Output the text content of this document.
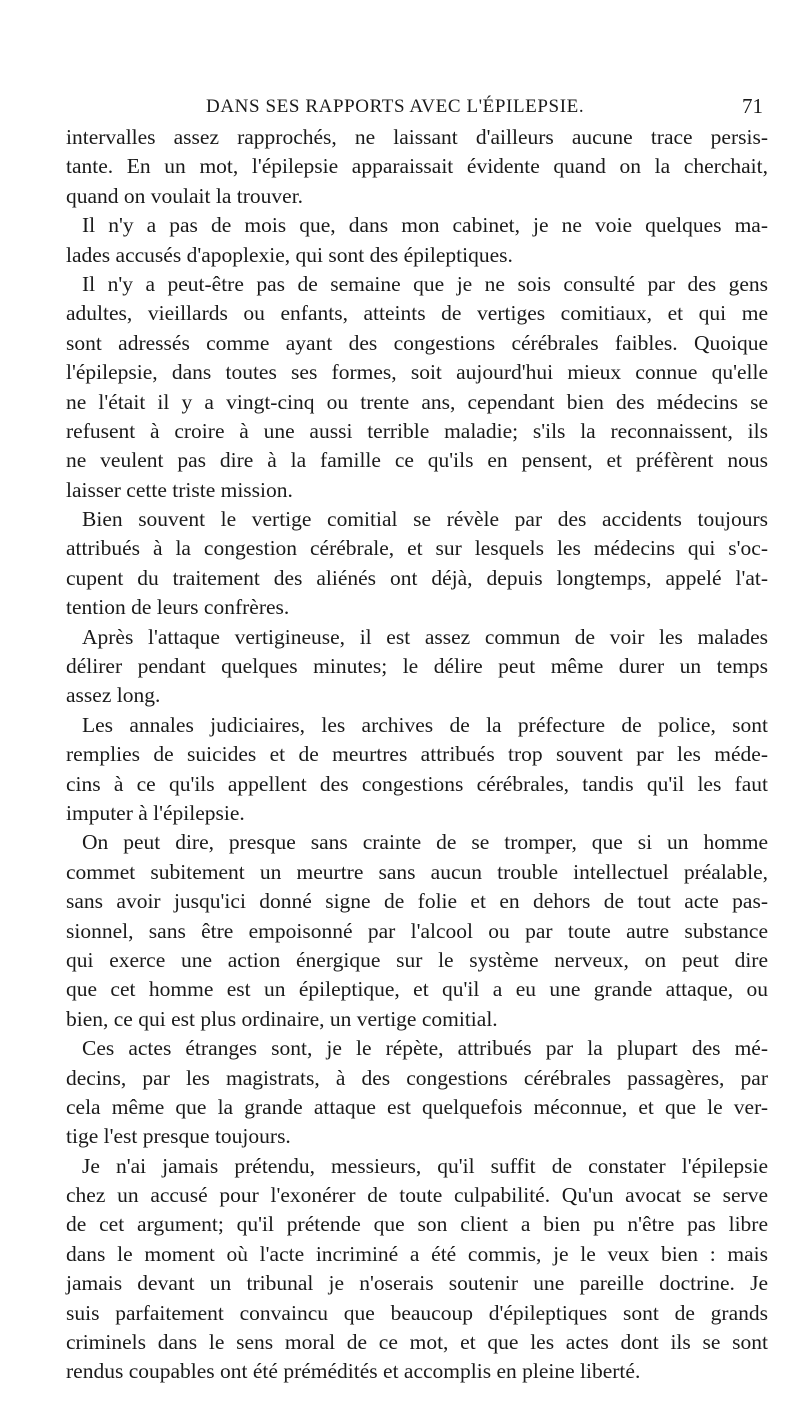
DANS SES RAPPORTS AVEC L'ÉPILEPSIE.	71
intervalles assez rapprochés, ne laissant d'ailleurs aucune trace persis-
tante. En un mot, l'épilepsie apparaissait évidente quand on la cherchait,
quand on voulait la trouver.
Il n'y a pas de mois que, dans mon cabinet, je ne voie quelques ma-
lades accusés d'apoplexie, qui sont des épileptiques.
Il n'y a peut-être pas de semaine que je ne sois consulté par des gens
adultes, vieillards ou enfants, atteints de vertiges comitiaux, et qui me
sont adressés comme ayant des congestions cérébrales faibles. Quoique
l'épilepsie, dans toutes ses formes, soit aujourd'hui mieux connue qu'elle
ne l'était il y a vingt-cinq ou trente ans, cependant bien des médecins se
refusent à croire à une aussi terrible maladie; s'ils la reconnaissent, ils
ne veulent pas dire à la famille ce qu'ils en pensent, et préfèrent nous
laisser cette triste mission.
Bien souvent le vertige comitial se révèle par des accidents toujours
attribués à la congestion cérébrale, et sur lesquels les médecins qui s'oc-
cupent du traitement des aliénés ont déjà, depuis longtemps, appelé l'at-
tention de leurs confrères.
Après l'attaque vertigineuse, il est assez commun de voir les malades
délirer pendant quelques minutes; le délire peut même durer un temps
assez long.
Les annales judiciaires, les archives de la préfecture de police, sont
remplies de suicides et de meurtres attribués trop souvent par les méde-
cins à ce qu'ils appellent des congestions cérébrales, tandis qu'il les faut
imputer à l'épilepsie.
On peut dire, presque sans crainte de se tromper, que si un homme
commet subitement un meurtre sans aucun trouble intellectuel préalable,
sans avoir jusqu'ici donné signe de folie et en dehors de tout acte pas-
sionnel, sans être empoisonné par l'alcool ou par toute autre substance
qui exerce une action énergique sur le système nerveux, on peut dire
que cet homme est un épileptique, et qu'il a eu une grande attaque, ou
bien, ce qui est plus ordinaire, un vertige comitial.
Ces actes étranges sont, je le répète, attribués par la plupart des mé-
decins, par les magistrats, à des congestions cérébrales passagères, par
cela même que la grande attaque est quelquefois méconnue, et que le ver-
tige l'est presque toujours.
Je n'ai jamais prétendu, messieurs, qu'il suffit de constater l'épilepsie
chez un accusé pour l'exonérer de toute culpabilité. Qu'un avocat se serve
de cet argument; qu'il prétende que son client a bien pu n'être pas libre
dans le moment où l'acte incriminé a été commis, je le veux bien : mais
jamais devant un tribunal je n'oserais soutenir une pareille doctrine. Je
suis parfaitement convaincu que beaucoup d'épileptiques sont de grands
criminels dans le sens moral de ce mot, et que les actes dont ils se sont
rendus coupables ont été prémédités et accomplis en pleine liberté.
